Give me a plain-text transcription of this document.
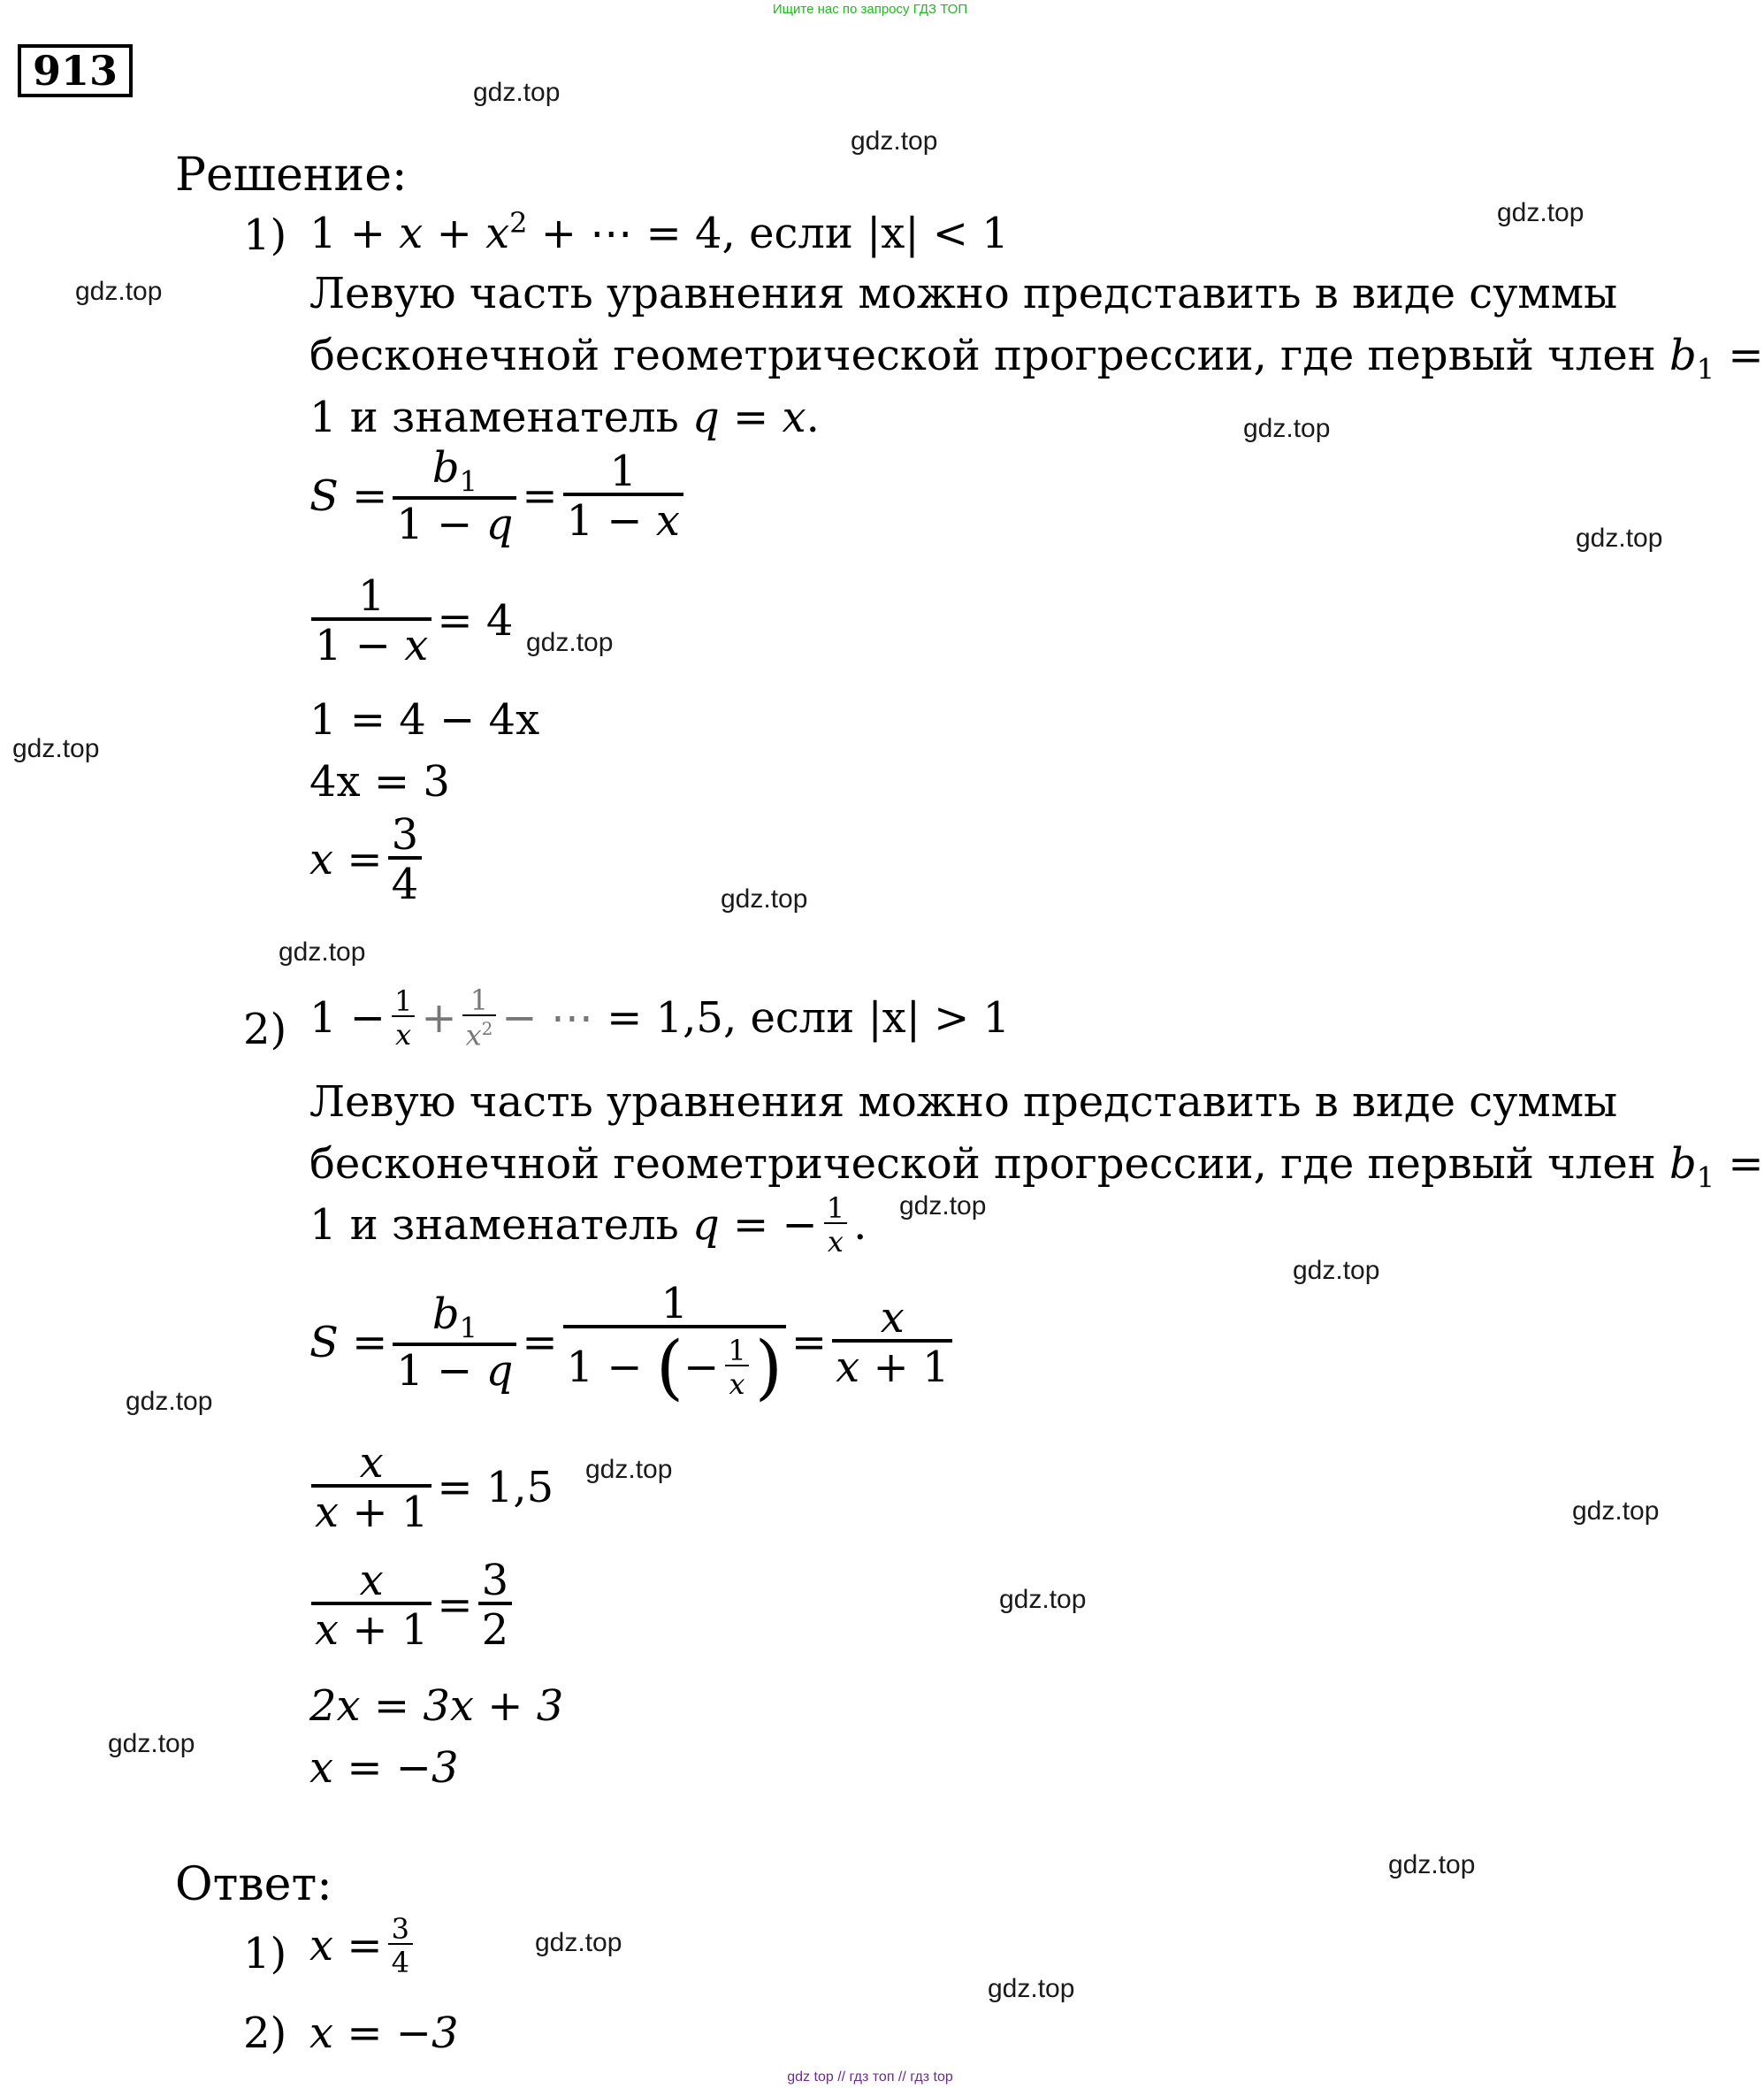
Ищите нас по запросу ГДЗ ТОП
913	gdz.top
gdz.top
gdz.top
gdz.top
gdz.top
gdz.top
gdz.top
gdz.top
gdz.top
gdz.top
gdz.top
gdz.top
gdz.top
gdz.top
gdz.top
gdz.top
gdz.top
gdz.top
gdz.top
gdz.top
Решение:
1) $1 + x + x^2$ + ⋯ = 4, если |x| < 1
Левую часть уравнения можно представить в виде суммы
бесконечной геометрической прогрессии, где первый член $b_1$ =
1 и знаменатель q = x.
$S = \frac{b_1}{1 - q} = \frac{1}{1 - x}$
$\frac{1}{1 - x} = 4$
1 = 4 − 4x
4x = 3
$x = \frac{3}{4}$
2) $1 - \frac{1}{x} + \frac{1}{x^2}$ − ⋯
= 1,5, если |x| > 1
Левую часть уравнения можно представить в виде суммы
бесконечной геометрической прогрессии, где первый член $b_1$ =
1 и знаменатель
q = − $\frac{1}{x}$ .
$S = \frac{b_1}{1 - q} = \frac{1}{1 - ( - \frac{1}{x} )} = \frac{x}{x + 1}$
$\frac{x}{x + 1} = 1,5$
$\frac{x}{x + 1} = \frac{3}{2}$
2x = 3x + 3
x = −3
Ответ:
1) $x = \frac{3}{4}$
2) x = −3
gdz top // гдз топ // гдз top
